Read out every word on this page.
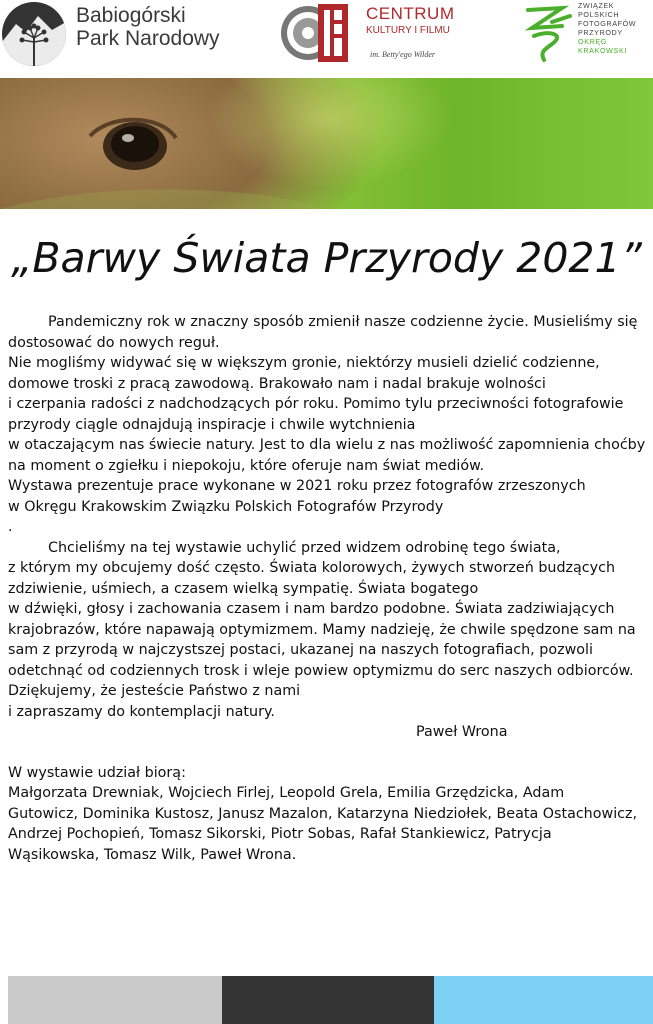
Babiogórski
Park Narodowy
CENTRUM
KULTURY I FILMU
im. Betty'ego Wilder
ZWIĄZEK
POLSKICH
FOTOGRAFÓW
PRZYRODY
OKRĘG
KRAKOWSKI
„Barwy Świata Przyrody 2021”
Pandemiczny rok w znaczny sposób zmienił nasze codzienne życie. Musieliśmy się
dostosować do nowych reguł.
Nie mogliśmy widywać się w większym gronie, niektórzy musieli dzielić codzienne,
domowe troski z pracą zawodową. Brakowało nam i nadal brakuje wolności
i czerpania radości z nadchodzących pór roku. Pomimo tylu przeciwności fotografowie
przyrody ciągle odnajdują inspiracje i chwile wytchnienia
w otaczającym nas świecie natury. Jest to dla wielu z nas możliwość zapomnienia choćby
na moment o zgiełku i niepokoju, które oferuje nam świat mediów.
Wystawa prezentuje prace wykonane w 2021 roku przez fotografów zrzeszonych
w Okręgu Krakowskim Związku Polskich Fotografów Przyrody
.
Chcieliśmy na tej wystawie uchylić przed widzem odrobinę tego świata,
z którym my obcujemy dość często. Świata kolorowych, żywych stworzeń budzących
zdziwienie, uśmiech, a czasem wielką sympatię. Świata bogatego
w dźwięki, głosy i zachowania czasem i nam bardzo podobne. Świata zadziwiających
krajobrazów, które napawają optymizmem. Mamy nadzieję, że chwile spędzone sam na
sam z przyrodą w najczystszej postaci, ukazanej na naszych fotografiach, pozwoli
odetchnąć od codziennych trosk i wleje powiew optymizmu do serc naszych odbiorców.
Dziękujemy, że jesteście Państwo z nami
i zapraszamy do kontemplacji natury.
Paweł Wrona
W wystawie udział biorą:
Małgorzata Drewniak, Wojciech Firlej, Leopold Grela, Emilia Grzędzicka, Adam
Gutowicz, Dominika Kustosz, Janusz Mazalon, Katarzyna Niedziołek, Beata Ostachowicz,
Andrzej Pochopień, Tomasz Sikorski, Piotr Sobas, Rafał Stankiewicz, Patrycja
Wąsikowska, Tomasz Wilk, Paweł Wrona.
